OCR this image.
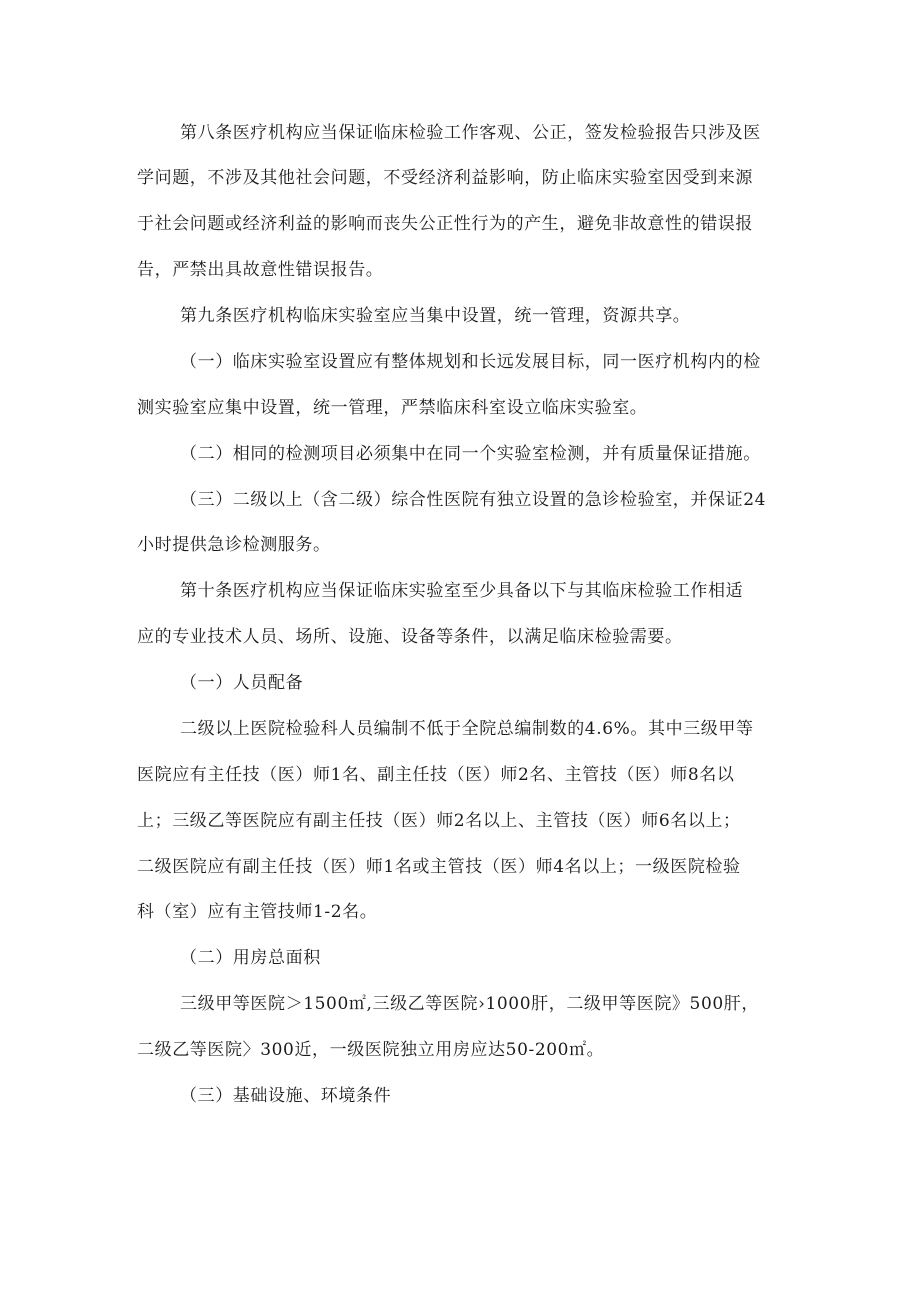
第八条医疗机构应当保证临床检验工作客观、公正，签发检验报告只涉及医
学问题，不涉及其他社会问题，不受经济利益影响，防止临床实验室因受到来源
于社会问题或经济利益的影响而丧失公正性行为的产生，避免非故意性的错误报
告，严禁出具故意性错误报告。
第九条医疗机构临床实验室应当集中设置，统一管理，资源共享。
（一）临床实验室设置应有整体规划和长远发展目标，同一医疗机构内的检
测实验室应集中设置，统一管理，严禁临床科室设立临床实验室。
（二）相同的检测项目必须集中在同一个实验室检测，并有质量保证措施。
（三）二级以上（含二级）综合性医院有独立设置的急诊检验室，并保证24
小时提供急诊检测服务。
第十条医疗机构应当保证临床实验室至少具备以下与其临床检验工作相适
应的专业技术人员、场所、设施、设备等条件，以满足临床检验需要。
（一）人员配备
二级以上医院检验科人员编制不低于全院总编制数的4.6%。其中三级甲等
医院应有主任技（医）师1名、副主任技（医）师2名、主管技（医）师8名以
上；三级乙等医院应有副主任技（医）师2名以上、主管技（医）师6名以上；
二级医院应有副主任技（医）师1名或主管技（医）师4名以上；一级医院检验
科（室）应有主管技师1-2名。
（二）用房总面积
三级甲等医院＞1500㎡,三级乙等医院›1000肝，二级甲等医院》500肝，
二级乙等医院〉300近，一级医院独立用房应达50-200㎡。
（三）基础设施、环境条件
